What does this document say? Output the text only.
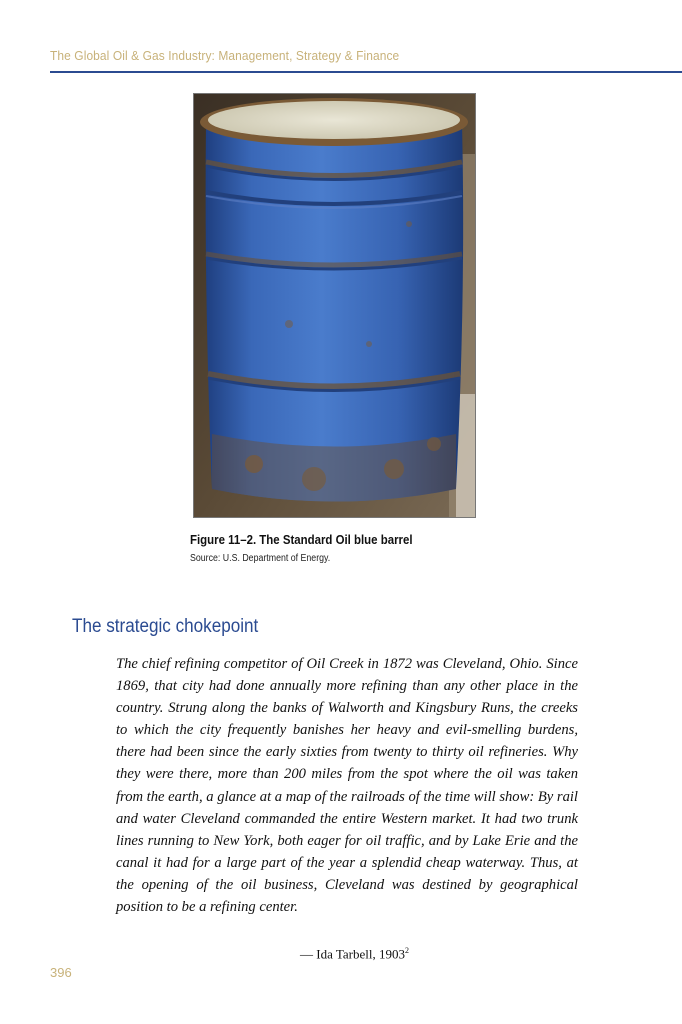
The Global Oil & Gas Industry: Management, Strategy & Finance
Figure 11–2. The Standard Oil blue barrel
Source: U.S. Department of Energy.
The strategic chokepoint

The chief refining competitor of Oil Creek in 1872 was Cleveland, Ohio. Since 1869, that city had done annually more refining than any other place in the country. Strung along the banks of Walworth and Kingsbury Runs, the creeks to which the city frequently banishes her heavy and evil-smelling burdens, there had been since the early sixties from twenty to thirty oil refineries. Why they were there, more than 200 miles from the spot where the oil was taken from the earth, a glance at a map of the railroads of the time will show: By rail and water Cleveland commanded the entire Western market. It had two trunk lines running to New York, both eager for oil traffic, and by Lake Erie and the canal it had for a large part of the year a splendid cheap waterway. Thus, at the opening of the oil business, Cleveland was destined by geographical position to be a refining center.

— Ida Tarbell, 1903$^2$
396
